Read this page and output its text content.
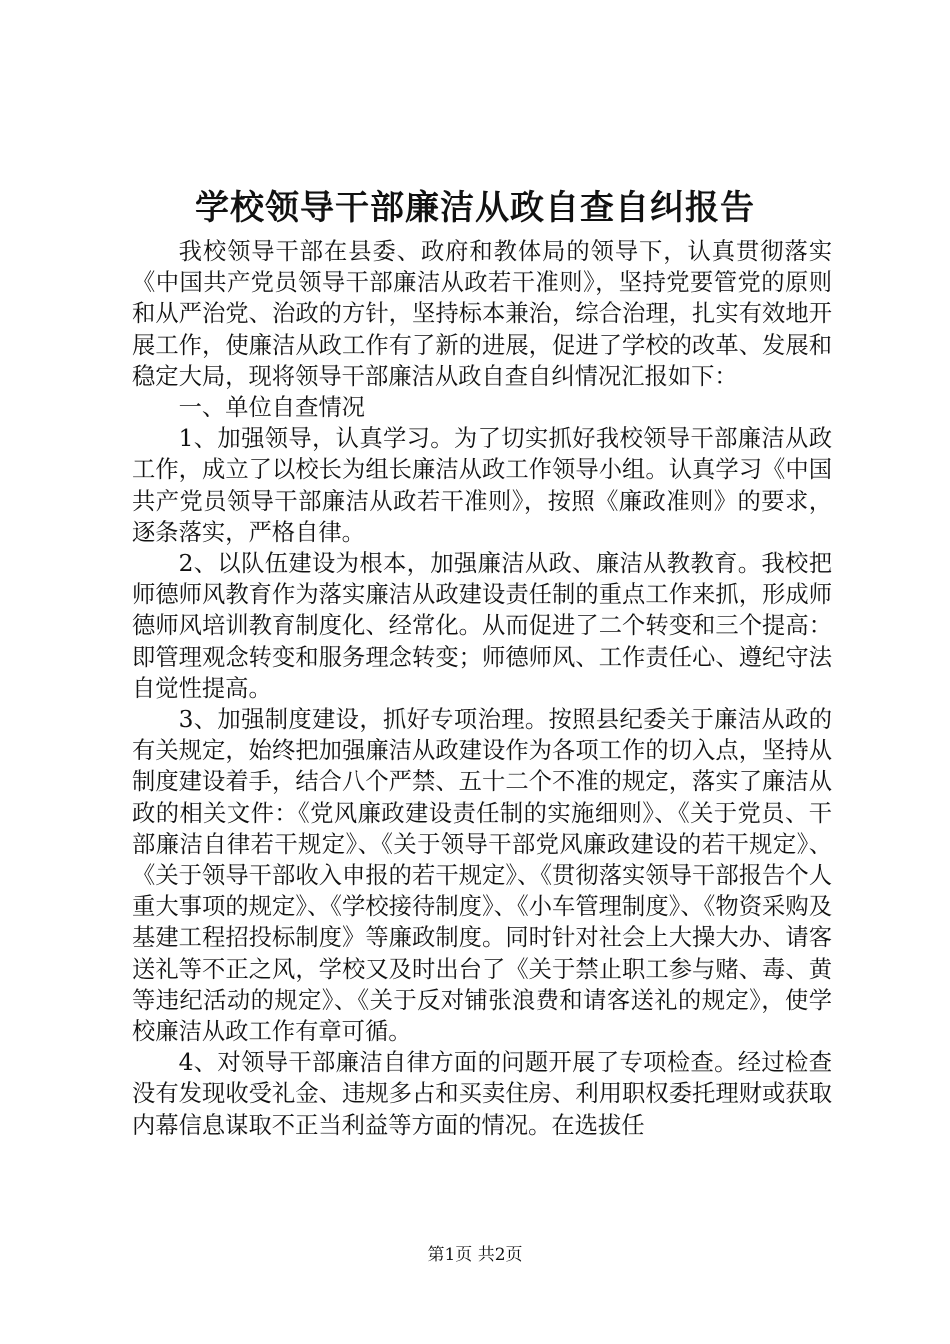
学校领导干部廉洁从政自查自纠报告

我校领导干部在县委、政府和教体局的领导下，认真贯彻落实《中国共产党员领导干部廉洁从政若干准则》，坚持党要管党的原则和从严治党、治政的方针，坚持标本兼治，综合治理，扎实有效地开展工作，使廉洁从政工作有了新的进展，促进了学校的改革、发展和稳定大局，现将领导干部廉洁从政自查自纠情况汇报如下：

一、单位自查情况

1、加强领导，认真学习。为了切实抓好我校领导干部廉洁从政工作，成立了以校长为组长廉洁从政工作领导小组。认真学习《中国共产党员领导干部廉洁从政若干准则》，按照《廉政准则》的要求，逐条落实，严格自律。

2、以队伍建设为根本，加强廉洁从政、廉洁从教教育。我校把师德师风教育作为落实廉洁从政建设责任制的重点工作来抓，形成师德师风培训教育制度化、经常化。从而促进了二个转变和三个提高：即管理观念转变和服务理念转变；师德师风、工作责任心、遵纪守法自觉性提高。

3、加强制度建设，抓好专项治理。按照县纪委关于廉洁从政的有关规定，始终把加强廉洁从政建设作为各项工作的切入点，坚持从制度建设着手，结合八个严禁、五十二个不准的规定，落实了廉洁从政的相关文件：《党风廉政建设责任制的实施细则》、《关于党员、干部廉洁自律若干规定》、《关于领导干部党风廉政建设的若干规定》、《关于领导干部收入申报的若干规定》、《贯彻落实领导干部报告个人重大事项的规定》、《学校接待制度》、《小车管理制度》、《物资采购及基建工程招投标制度》等廉政制度。同时针对社会上大操大办、请客送礼等不正之风，学校又及时出台了《关于禁止职工参与赌、毒、黄等违纪活动的规定》、《关于反对铺张浪费和请客送礼的规定》，使学校廉洁从政工作有章可循。

4、对领导干部廉洁自律方面的问题开展了专项检查。经过检查没有发现收受礼金、违规多占和买卖住房、利用职权委托理财或获取内幕信息谋取不正当利益等方面的情况。在选拔任

第1页 共2页
